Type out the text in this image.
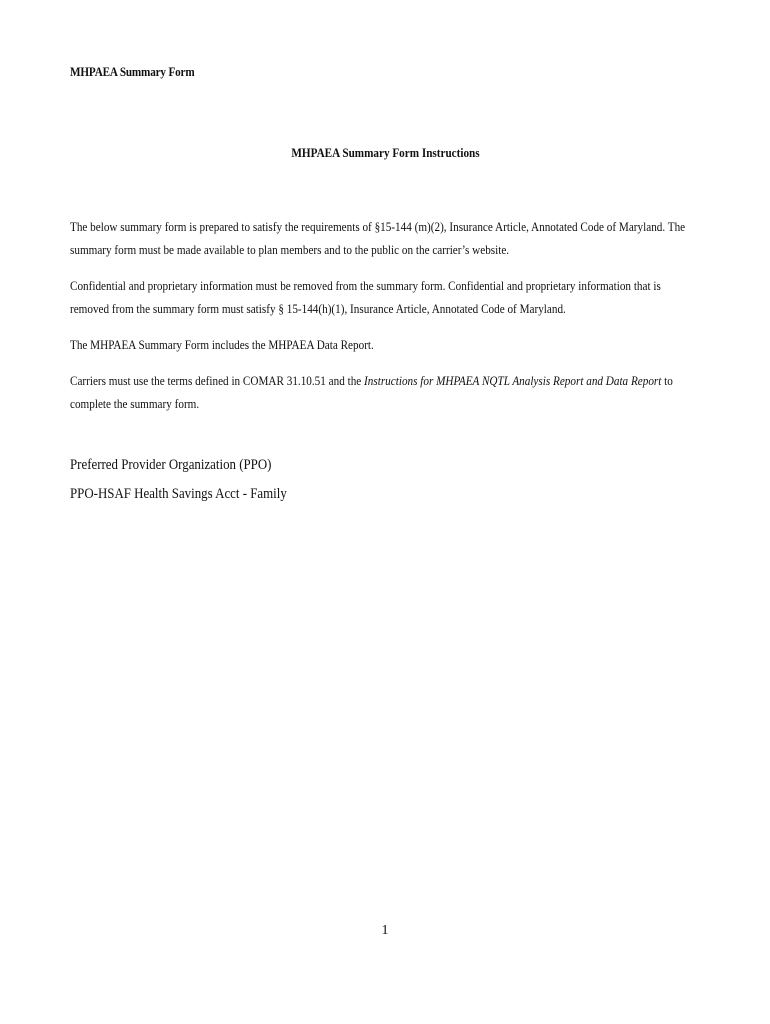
MHPAEA Summary Form
MHPAEA Summary Form Instructions
The below summary form is prepared to satisfy the requirements of §15-144 (m)(2), Insurance Article, Annotated Code of Maryland. The summary form must be made available to plan members and to the public on the carrier’s website.
Confidential and proprietary information must be removed from the summary form. Confidential and proprietary information that is removed from the summary form must satisfy § 15-144(h)(1), Insurance Article, Annotated Code of Maryland.
The MHPAEA Summary Form includes the MHPAEA Data Report.
Carriers must use the terms defined in COMAR 31.10.51 and the Instructions for MHPAEA NQTL Analysis Report and Data Report to complete the summary form.
Preferred Provider Organization (PPO)
PPO-HSAF Health Savings Acct - Family
1
